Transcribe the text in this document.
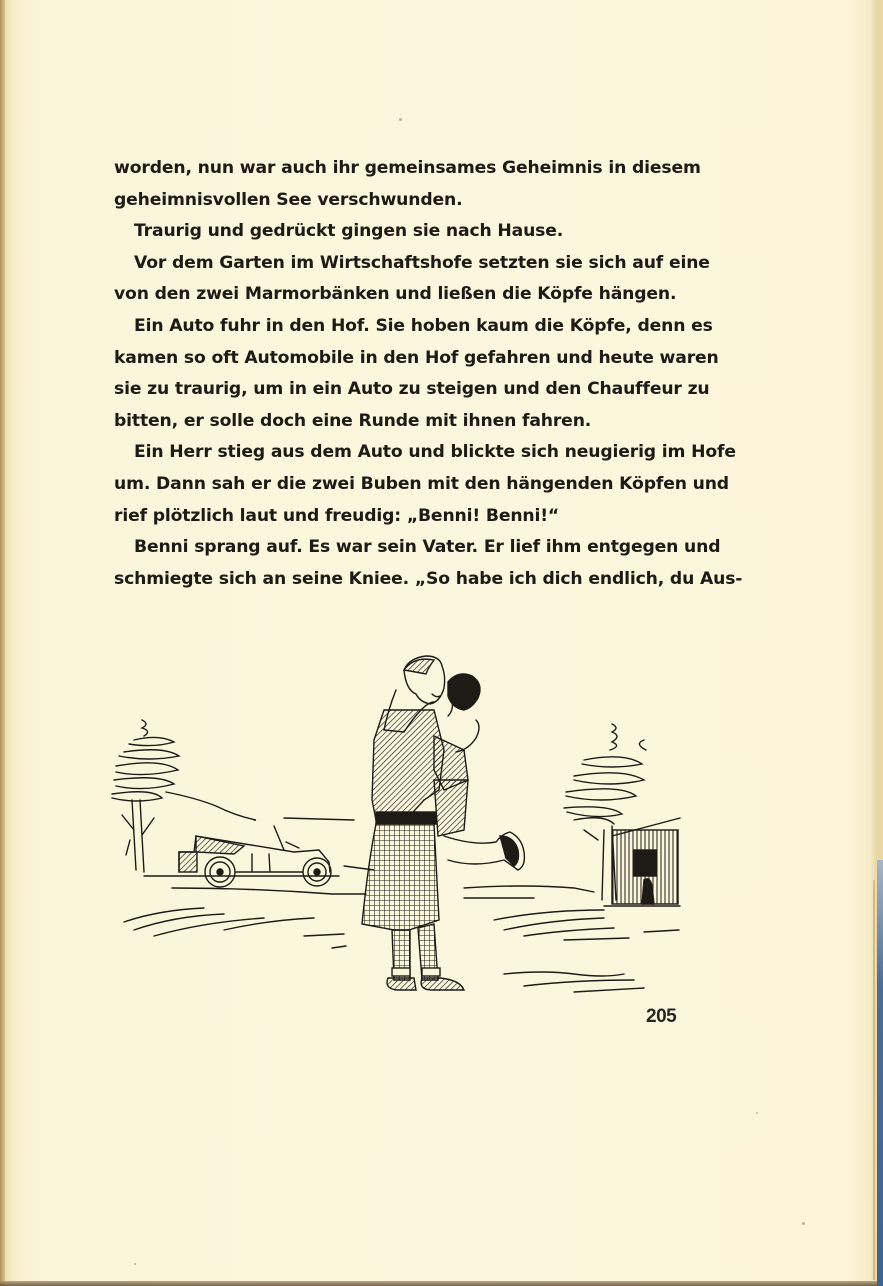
worden, nun war auch ihr gemeinsames Geheimnis in diesem
geheimnisvollen See verschwunden.
Traurig und gedrückt gingen sie nach Hause.
Vor dem Garten im Wirtschaftshofe setzten sie sich auf eine
von den zwei Marmorbänken und ließen die Köpfe hängen.
Ein Auto fuhr in den Hof. Sie hoben kaum die Köpfe, denn es
kamen so oft Automobile in den Hof gefahren und heute waren
sie zu traurig, um in ein Auto zu steigen und den Chauffeur zu
bitten, er solle doch eine Runde mit ihnen fahren.
Ein Herr stieg aus dem Auto und blickte sich neugierig im Hofe
um. Dann sah er die zwei Buben mit den hängenden Köpfen und
rief plötzlich laut und freudig: „Benni! Benni!“
Benni sprang auf. Es war sein Vater. Er lief ihm entgegen und
schmiegte sich an seine Kniee. „So habe ich dich endlich, du Aus-
205
